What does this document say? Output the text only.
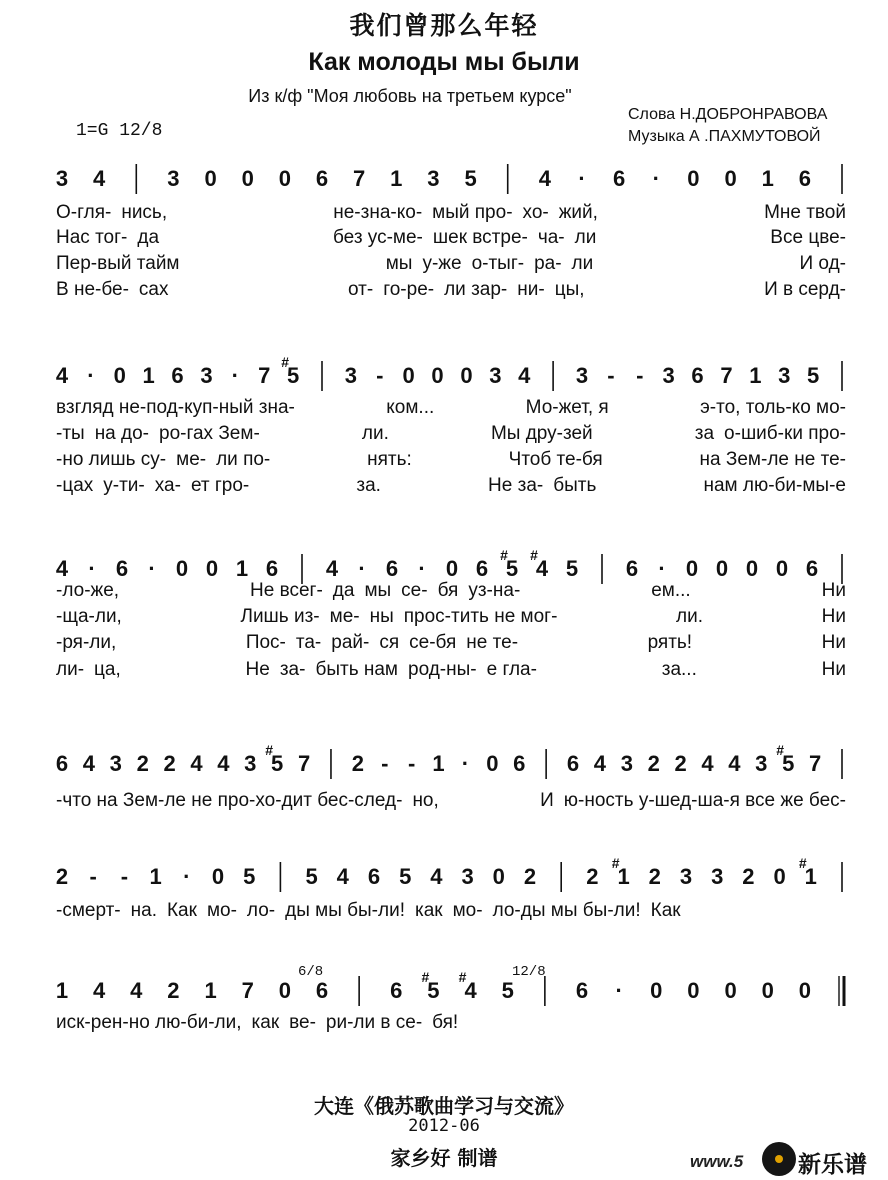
我们曾那么年轻
Как молоды мы были
Из к/ф "Моя любовь на третьем курсе"
Слова Н.ДОБРОНРАВОВА
Музыка А .ПАХМУТОВОЙ
1=G 12/8
3 4	3 0 0 0 6 7 1 3 5	4 · 6 · 0 0 1 6
4 · 0 1 6 3 · 7 5
#
3 - 0 0 0 3 4 3 - - 3 6 7 1 3 5
4 · 6 · 0 0 1 6 4 · 6 · 0 6 5
#
4
#
5 6 · 0 0 0 0 6
6 4 3 2 2 4 4 3 5
#
7 2 - - 1 · 0 6 6 4 3 2 2 4 4 3 5
#
7
2 - - 1 · 0 5 5 4 6 5 4 3 0 2 2 1
#
2 3 3 2 0 1
#
1 4 4 2 1 7 0 6	6 5
#
4
#
5	6 · 0 0 0 0 0
6/8	12/8
О-гля- нись,	не-зна-ко- мый про- хо- жий,	Мне твой
Нас тог- да	без ус-ме- шек встре- ча- ли	Все цве-
Пер-вый тайм	мы у-же о-тыг- ра- ли	И од-
В не-бе- сах	от- го-ре- ли зар- ни- цы,	И в серд-
взгляд не-под-куп-ный зна-	ком...	Мо-жет, я	э-то, толь-ко мо-
-ты на до- ро-гах Зем-	ли.	Мы дру-зей	за о-шиб-ки про-
-но лишь су- ме- ли по-	нять:	Чтоб те-бя	на Зем-ле не те-
-цах у-ти- ха- ет гро-	за.	Не за- быть	нам лю-би-мы-е
-ло-же,	Не всег- да мы се- бя уз-на-	ем...	Ни
-ща-ли,	Лишь из- ме- ны прос-тить не мог-	ли.	Ни
-ря-ли,	Пос- та- рай- ся се-бя не те-	рять!	Ни
ли- ца,	Не за- быть нам род-ны- е гла-	за...	Ни
-что на Зем-ле не про-хо-дит бес-след- но,	И ю-ность у-шед-ша-я все же бес-
-смерт- на. Как мо- ло- ды мы бы-ли! как мо- ло-ды мы бы-ли! Как
иск-рен-но лю-би-ли, как ве- ри-ли в се- бя!
大连《俄苏歌曲学习与交流》
2012-06
家乡好 制谱	www.5 新乐谱
